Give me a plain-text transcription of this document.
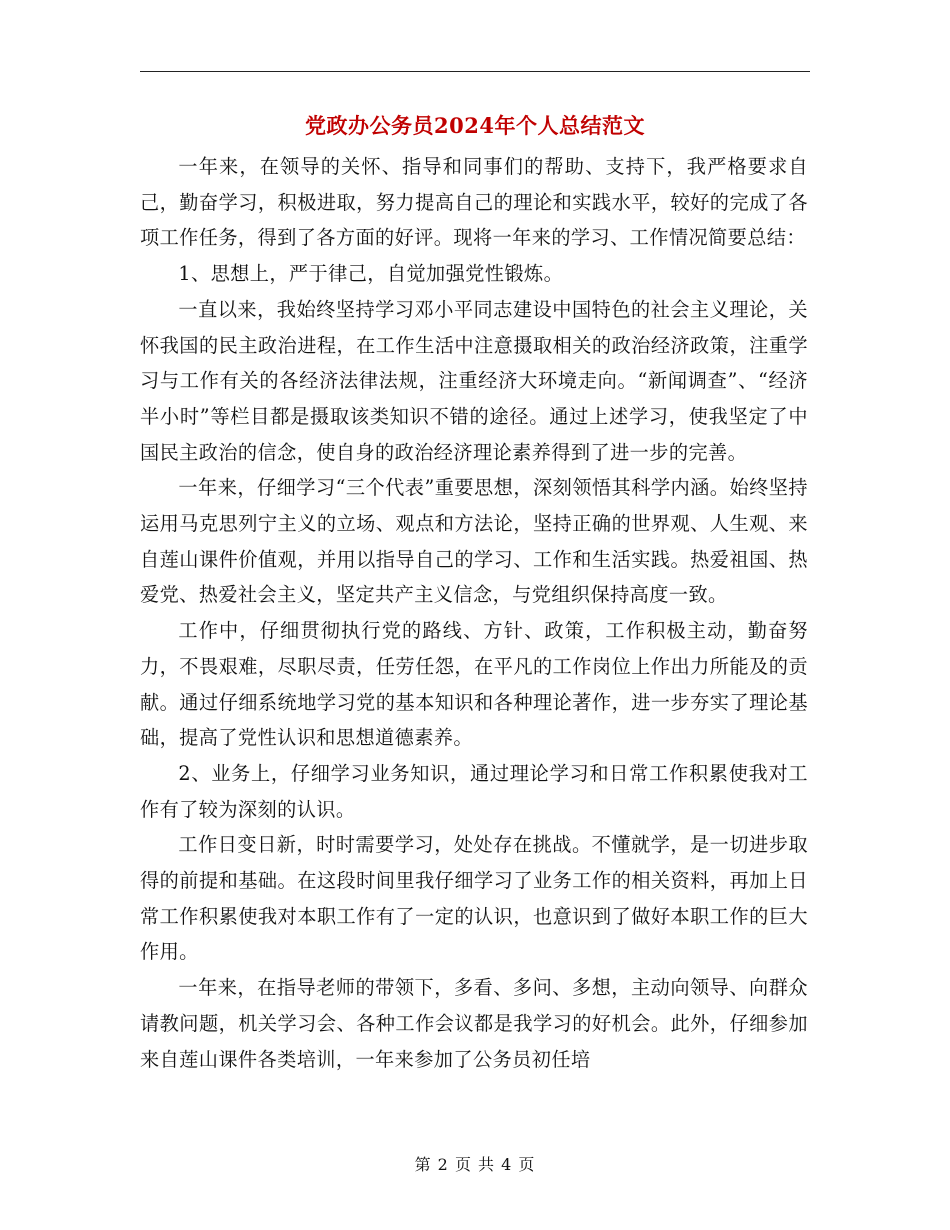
党政办公务员2024年个人总结范文

一年来，在领导的关怀、指导和同事们的帮助、支持下，我严格要求自己，勤奋学习，积极进取，努力提高自己的理论和实践水平，较好的完成了各项工作任务，得到了各方面的好评。现将一年来的学习、工作情况简要总结：

1、思想上，严于律己，自觉加强党性锻炼。

一直以来，我始终坚持学习邓小平同志建设中国特色的社会主义理论，关怀我国的民主政治进程，在工作生活中注意摄取相关的政治经济政策，注重学习与工作有关的各经济法律法规，注重经济大环境走向。“新闻调查”、“经济半小时”等栏目都是摄取该类知识不错的途径。通过上述学习，使我坚定了中国民主政治的信念，使自身的政治经济理论素养得到了进一步的完善。

一年来，仔细学习“三个代表”重要思想，深刻领悟其科学内涵。始终坚持运用马克思列宁主义的立场、观点和方法论，坚持正确的世界观、人生观、来自莲山课件价值观，并用以指导自己的学习、工作和生活实践。热爱祖国、热爱党、热爱社会主义，坚定共产主义信念，与党组织保持高度一致。

工作中，仔细贯彻执行党的路线、方针、政策，工作积极主动，勤奋努力，不畏艰难，尽职尽责，任劳任怨，在平凡的工作岗位上作出力所能及的贡献。通过仔细系统地学习党的基本知识和各种理论著作，进一步夯实了理论基础，提高了党性认识和思想道德素养。

2、业务上，仔细学习业务知识，通过理论学习和日常工作积累使我对工作有了较为深刻的认识。

工作日变日新，时时需要学习，处处存在挑战。不懂就学，是一切进步取得的前提和基础。在这段时间里我仔细学习了业务工作的相关资料，再加上日常工作积累使我对本职工作有了一定的认识，也意识到了做好本职工作的巨大作用。

一年来，在指导老师的带领下，多看、多问、多想，主动向领导、向群众请教问题，机关学习会、各种工作会议都是我学习的好机会。此外，仔细参加来自莲山课件各类培训，一年来参加了公务员初任培

第 2 页 共 4 页
